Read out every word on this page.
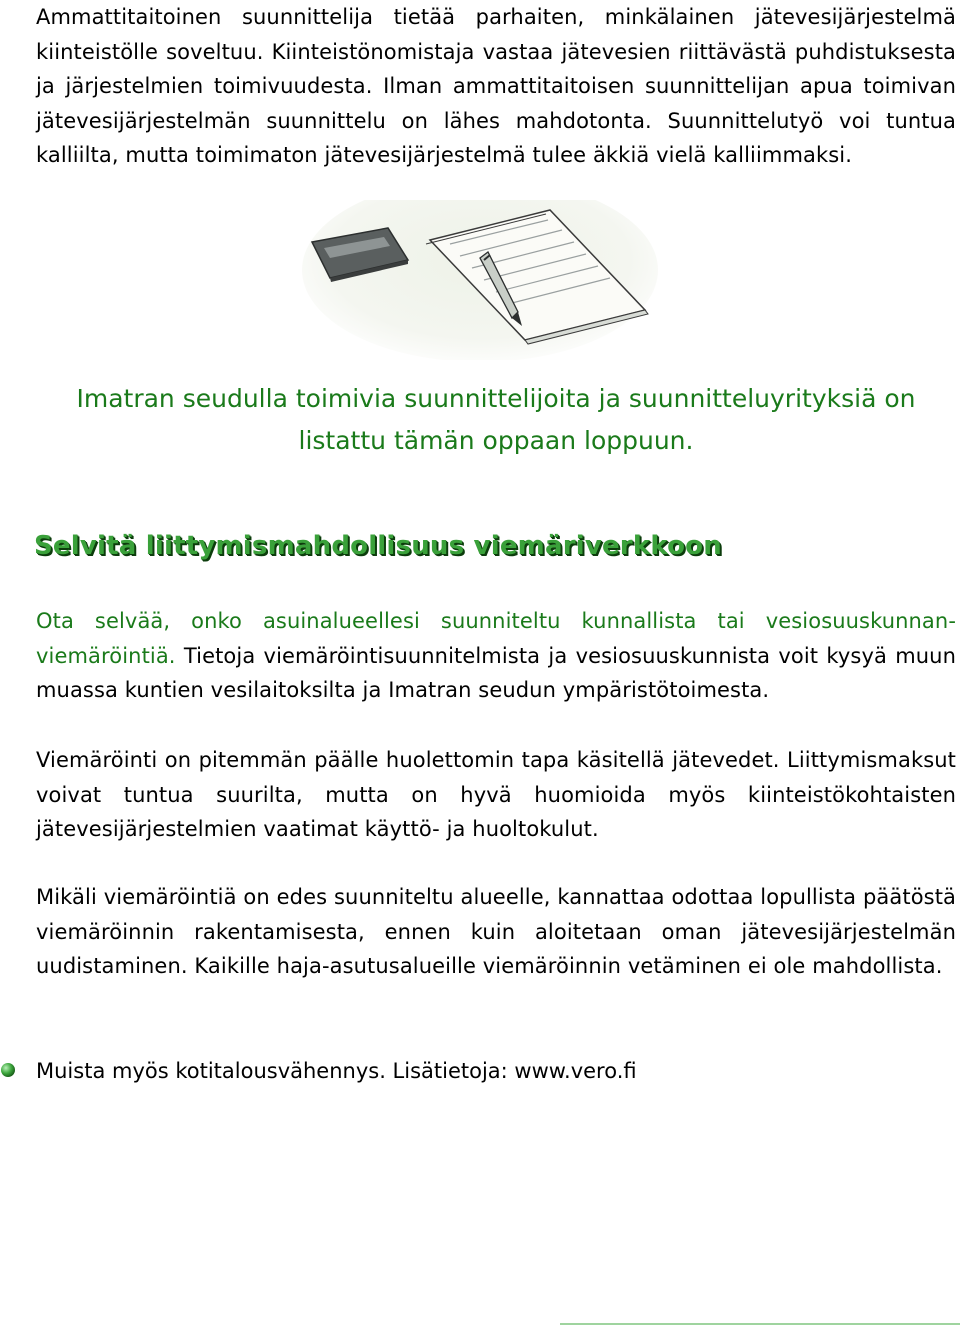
Ammattitaitoinen suunnittelija tietää parhaiten, minkälainen jätevesijärjestelmä kiinteistölle soveltuu. Kiinteistönomistaja vastaa jätevesien riittävästä puhdistuksesta ja järjestelmien toimivuudesta. Ilman ammattitaitoisen suunnittelijan apua toimivan jätevesijärjestelmän suunnittelu on lähes mahdotonta. Suunnittelutyö voi tuntua kalliilta, mutta toimimaton jätevesijärjestelmä tulee äkkiä vielä kalliimmaksi.

Imatran seudulla toimivia suunnittelijoita ja suunnitteluyrityksiä on listattu tämän oppaan loppuun.

Selvitä liittymismahdollisuus viemäriverkkoon

Ota selvää, onko asuinalueellesi suunniteltu kunnallista tai vesiosuuskunnan-viemäröintiä. Tietoja viemäröintisuunnitelmista ja vesiosuuskunnista voit kysyä muun muassa kuntien vesilaitoksilta ja Imatran seudun ympäristötoimesta.

Viemäröinti on pitemmän päälle huolettomin tapa käsitellä jätevedet. Liittymismaksut voivat tuntua suurilta, mutta on hyvä huomioida myös kiinteistökohtaisten jätevesijärjestelmien vaatimat käyttö- ja huoltokulut.

Mikäli viemäröintiä on edes suunniteltu alueelle, kannattaa odottaa lopullista päätöstä viemäröinnin rakentamisesta, ennen kuin aloitetaan oman jätevesijärjestelmän uudistaminen. Kaikille haja-asutusalueille viemäröinnin vetäminen ei ole mahdollista.

Muista myös kotitalousvähennys. Lisätietoja: www.vero.fi
